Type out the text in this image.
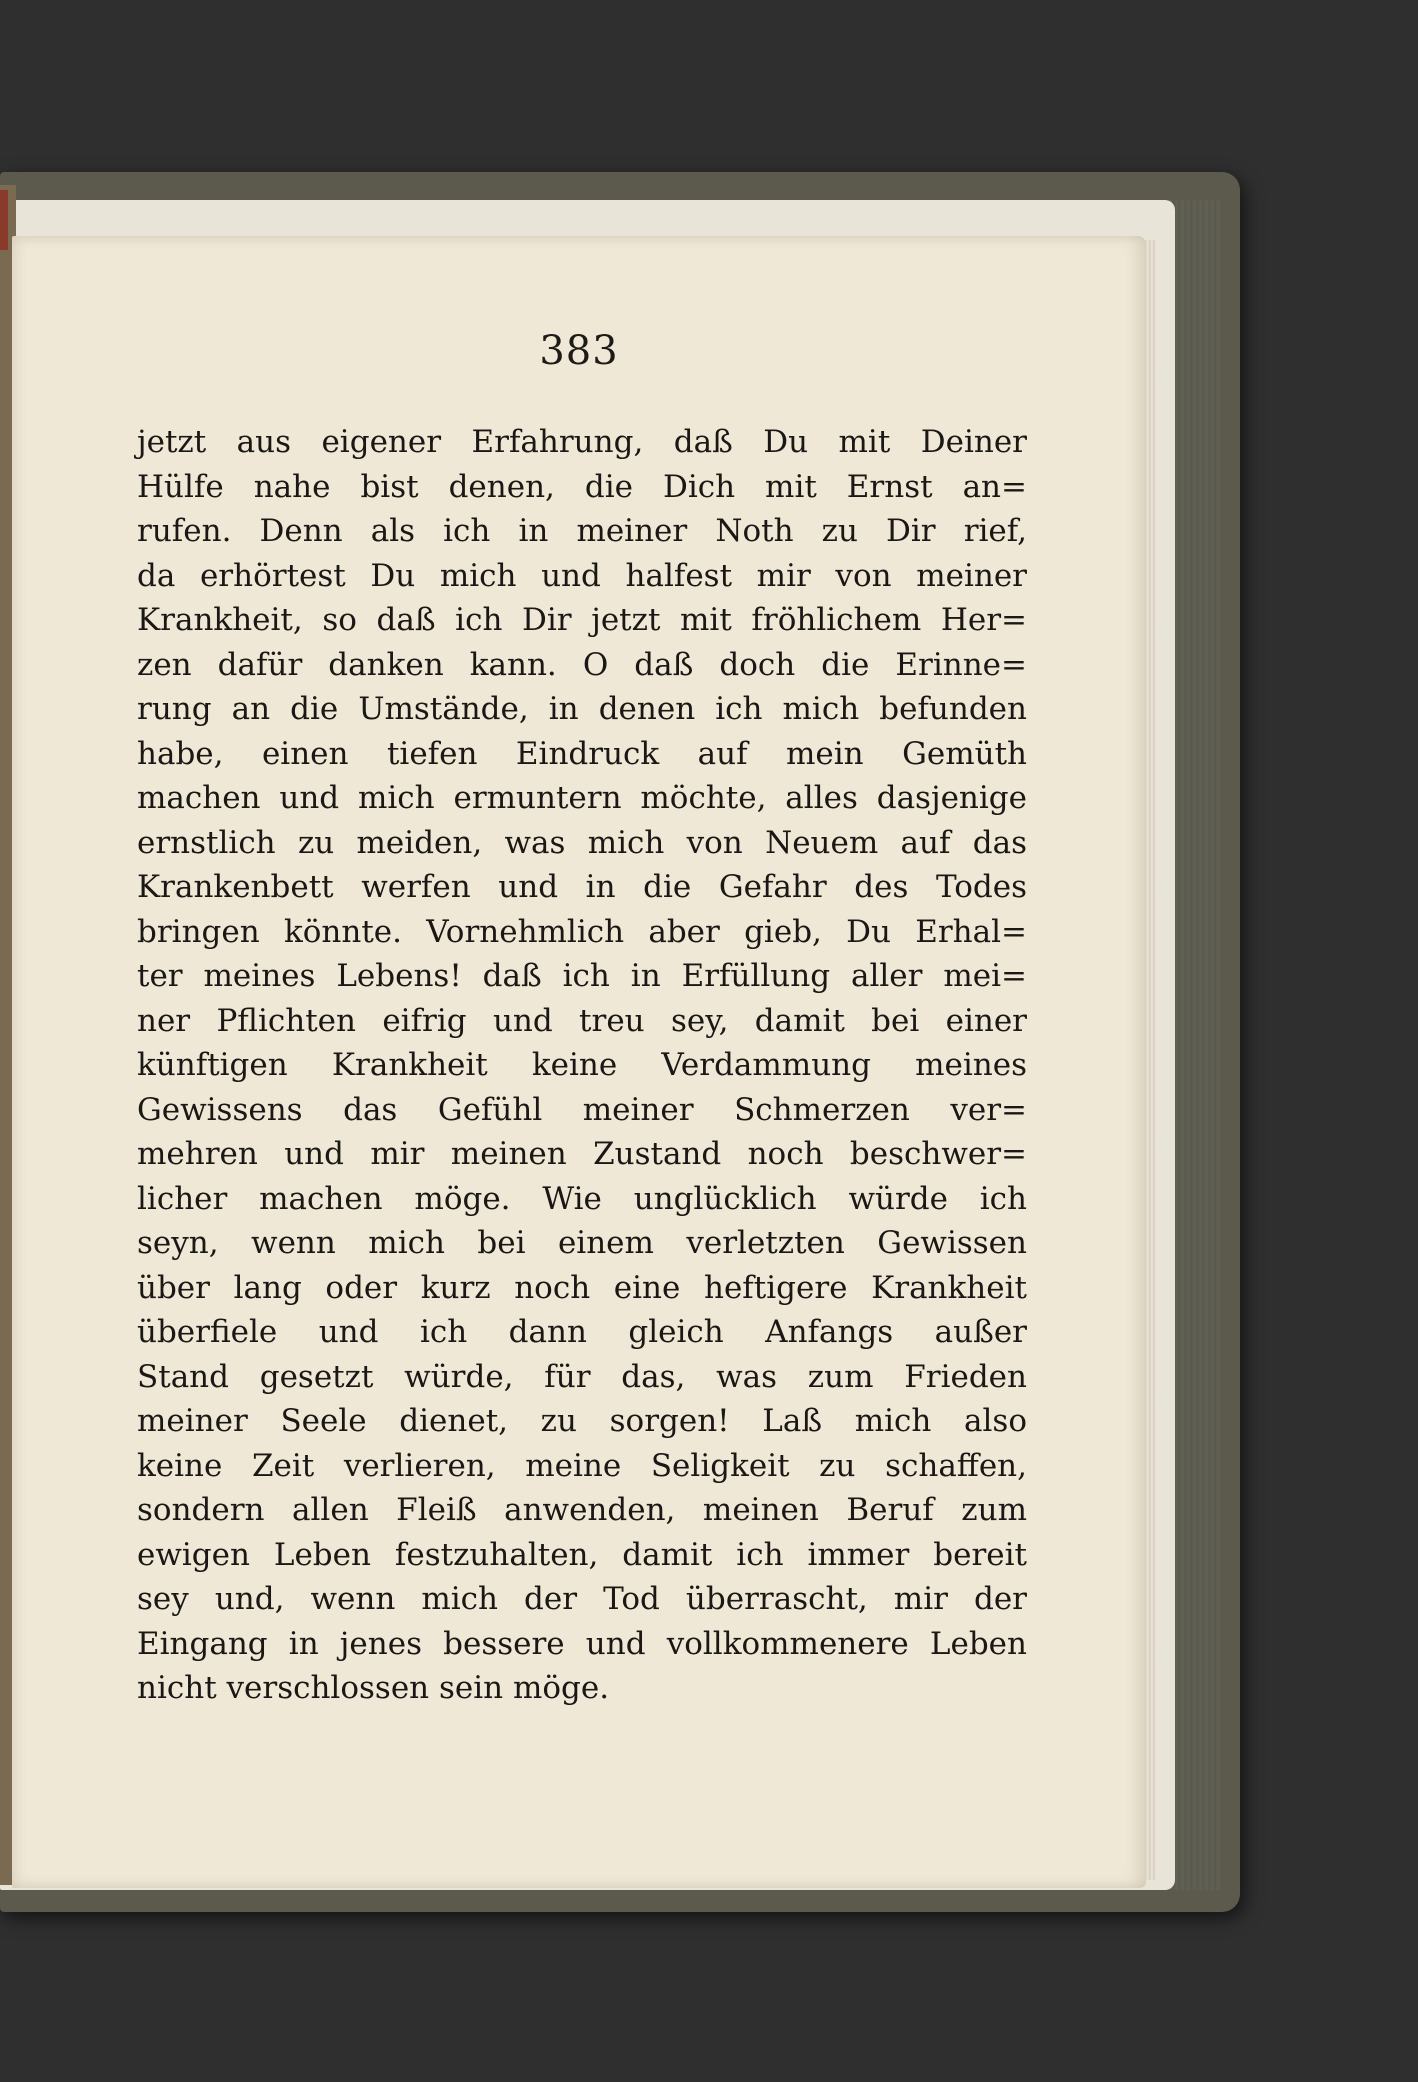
383
jetzt aus eigener Erfahrung, daß Du mit Deiner
Hülfe nahe bist denen, die Dich mit Ernst an=
rufen. Denn als ich in meiner Noth zu Dir rief,
da erhörtest Du mich und halfest mir von meiner
Krankheit, so daß ich Dir jetzt mit fröhlichem Her=
zen dafür danken kann. O daß doch die Erinne=
rung an die Umstände, in denen ich mich befunden
habe, einen tiefen Eindruck auf mein Gemüth
machen und mich ermuntern möchte, alles dasjenige
ernstlich zu meiden, was mich von Neuem auf das
Krankenbett werfen und in die Gefahr des Todes
bringen könnte. Vornehmlich aber gieb, Du Erhal=
ter meines Lebens! daß ich in Erfüllung aller mei=
ner Pflichten eifrig und treu sey, damit bei einer
künftigen Krankheit keine Verdammung meines
Gewissens das Gefühl meiner Schmerzen ver=
mehren und mir meinen Zustand noch beschwer=
licher machen möge. Wie unglücklich würde ich
seyn, wenn mich bei einem verletzten Gewissen
über lang oder kurz noch eine heftigere Krankheit
überfiele und ich dann gleich Anfangs außer
Stand gesetzt würde, für das, was zum Frieden
meiner Seele dienet, zu sorgen! Laß mich also
keine Zeit verlieren, meine Seligkeit zu schaffen,
sondern allen Fleiß anwenden, meinen Beruf zum
ewigen Leben festzuhalten, damit ich immer bereit
sey und, wenn mich der Tod überrascht, mir der
Eingang in jenes bessere und vollkommenere Leben
nicht verschlossen sein möge.
